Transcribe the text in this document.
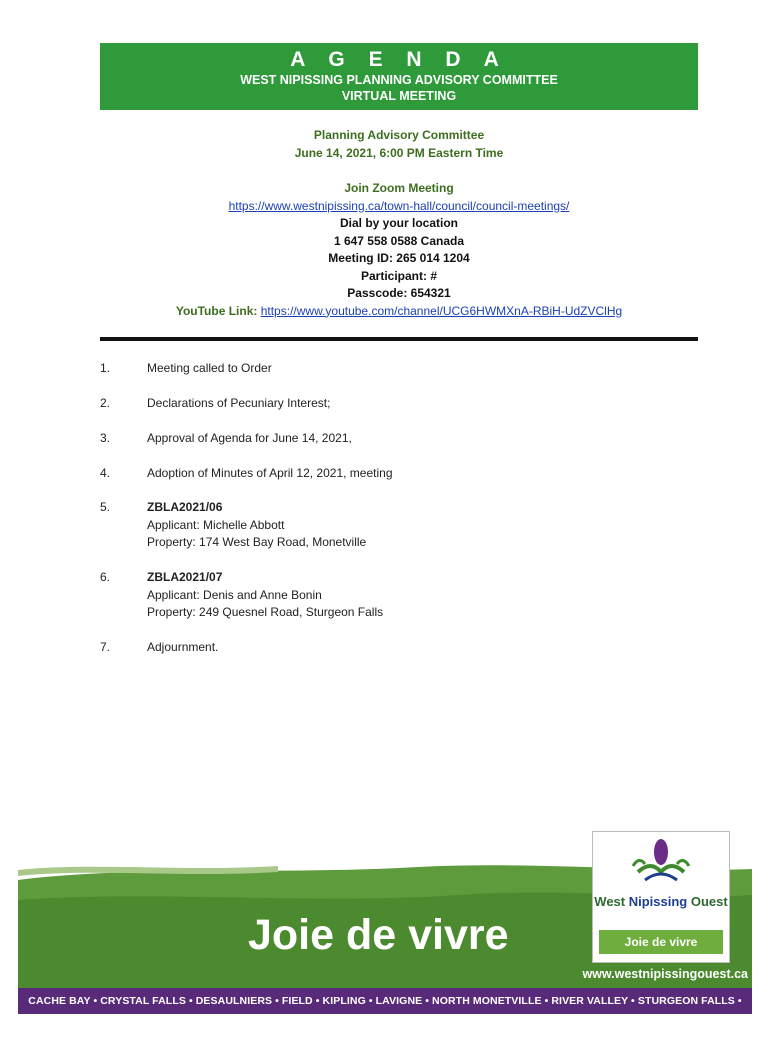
A G E N D A
WEST NIPISSING PLANNING ADVISORY COMMITTEE
VIRTUAL MEETING
Planning Advisory Committee
June 14, 2021, 6:00 PM Eastern Time
Join Zoom Meeting
https://www.westnipissing.ca/town-hall/council/council-meetings/
Dial by your location
1 647 558 0588 Canada
Meeting ID: 265 014 1204
Participant: #
Passcode: 654321
YouTube Link: https://www.youtube.com/channel/UCG6HWMXnA-RBiH-UdZVClHg
1.	Meeting called to Order
2.	Declarations of Pecuniary Interest;
3.	Approval of Agenda for June 14, 2021,
4.	Adoption of Minutes of April 12, 2021, meeting
5.	ZBLA2021/06
Applicant: Michelle Abbott
Property: 174 West Bay Road, Monetville
6.	ZBLA2021/07
Applicant: Denis and Anne Bonin
Property: 249 Quesnel Road, Sturgeon Falls
7.	Adjournment.
Joie de vivre
West Nipissing Ouest
Joie de vivre
www.westnipissingouest.ca
CACHE BAY • CRYSTAL FALLS • DESAULNIERS • FIELD • KIPLING • LAVIGNE • NORTH MONETVILLE • RIVER VALLEY • STURGEON FALLS • VERNER
